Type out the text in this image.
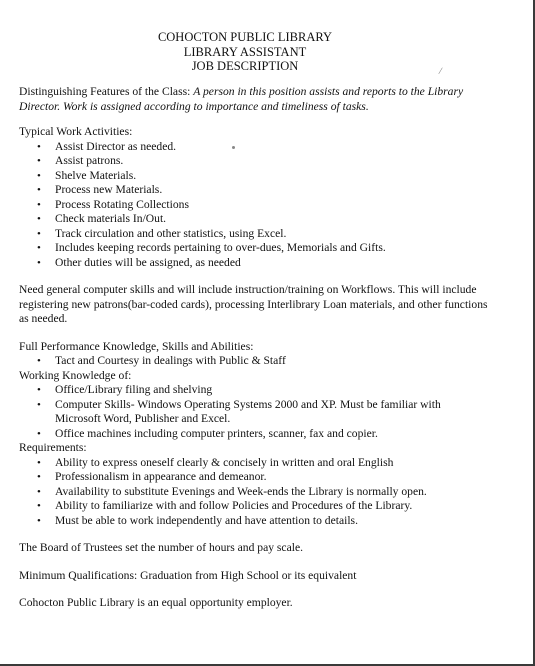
COHOCTON PUBLIC LIBRARY
LIBRARY ASSISTANT
JOB DESCRIPTION	/

Distinguishing Features of the Class: A person in this position assists and reports to the Library Director. Work is assigned according to importance and timeliness of tasks.

Typical Work Activities:

•	Assist Director as needed.
•	Assist patrons.
•	Shelve Materials.
•	Process new Materials.
•	Process Rotating Collections
•	Check materials In/Out.
•	Track circulation and other statistics, using Excel.
•	Includes keeping records pertaining to over-dues, Memorials and Gifts.
•	Other duties will be assigned, as needed

Need general computer skills and will include instruction/training on Workflows. This will include registering new patrons(bar-coded cards), processing Interlibrary Loan materials, and other functions as needed.

Full Performance Knowledge, Skills and Abilities:

•	Tact and Courtesy in dealings with Public & Staff

Working Knowledge of:

•	Office/Library filing and shelving
•	Computer Skills- Windows Operating Systems 2000 and XP. Must be familiar with Microsoft Word, Publisher and Excel.
•	Office machines including computer printers, scanner, fax and copier.

Requirements:

•	Ability to express oneself clearly & concisely in written and oral English
•	Professionalism in appearance and demeanor.
•	Availability to substitute Evenings and Week-ends the Library is normally open.
•	Ability to familiarize with and follow Policies and Procedures of the Library.
•	Must be able to work independently and have attention to details.

The Board of Trustees set the number of hours and pay scale.

Minimum Qualifications: Graduation from High School or its equivalent

Cohocton Public Library is an equal opportunity employer.
